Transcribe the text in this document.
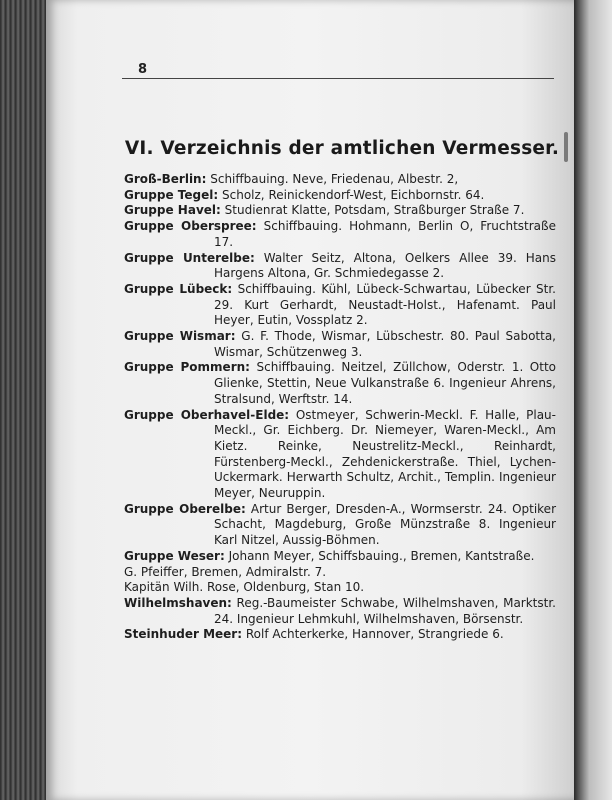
8
VI. Verzeichnis der amtlichen Vermesser.
Groß-Berlin: Schiffbauing. Neve, Friedenau, Albestr. 2,
Gruppe Tegel: Scholz, Reinickendorf-West, Eichbornstr. 64.
Gruppe Havel: Studienrat Klatte, Potsdam, Straßburger Straße 7.
Gruppe Oberspree: Schiffbauing. Hohmann, Berlin O, Fruchtstraße 17.
Gruppe Unterelbe: Walter Seitz, Altona, Oelkers Allee 39. Hans Hargens Altona, Gr. Schmiedegasse 2.
Gruppe Lübeck: Schiffbauing. Kühl, Lübeck-Schwartau, Lübecker Str. 29. Kurt Gerhardt, Neustadt-Holst., Hafenamt. Paul Heyer, Eutin, Vossplatz 2.
Gruppe Wismar: G. F. Thode, Wismar, Lübschestr. 80. Paul Sabotta, Wismar, Schützenweg 3.
Gruppe Pommern: Schiffbauing. Neitzel, Züllchow, Oderstr. 1. Otto Glienke, Stettin, Neue Vulkanstraße 6. Ingenieur Ahrens, Stralsund, Werftstr. 14.
Gruppe Oberhavel-Elde: Ostmeyer, Schwerin-Meckl. F. Halle, Plau-Meckl., Gr. Eichberg. Dr. Niemeyer, Waren-Meckl., Am Kietz. Reinke, Neustrelitz-Meckl., Reinhardt, Fürstenberg-Meckl., Zehdenickerstraße. Thiel, Lychen-Uckermark. Herwarth Schultz, Archit., Templin. Ingenieur Meyer, Neuruppin.
Gruppe Oberelbe: Artur Berger, Dresden-A., Wormserstr. 24. Optiker Schacht, Magdeburg, Große Münzstraße 8. Ingenieur Karl Nitzel, Aussig-Böhmen.
Gruppe Weser: Johann Meyer, Schiffsbauing., Bremen, Kantstraße.
G. Pfeiffer, Bremen, Admiralstr. 7.
Kapitän Wilh. Rose, Oldenburg, Stan 10.
Wilhelmshaven: Reg.-Baumeister Schwabe, Wilhelmshaven, Marktstr. 24. Ingenieur Lehmkuhl, Wilhelmshaven, Börsenstr.
Steinhuder Meer: Rolf Achterkerke, Hannover, Strangriede 6.
